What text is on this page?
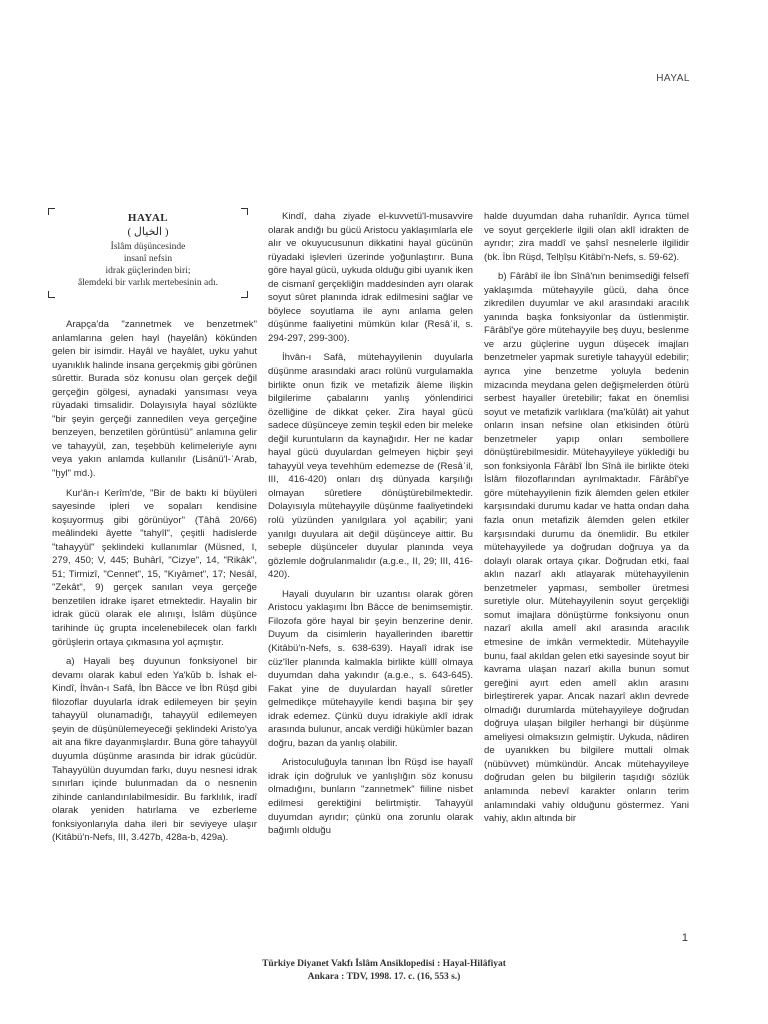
HAYAL
HAYAL
( الخيال )
İslâm düşüncesinde
insanî nefsin
idrak güçlerinden biri;
âlemdeki bir varlık mertebesinin adı.

Arapça'da "zannetmek ve benzetmek" anlamlarına gelen hayl (hayelân) kökünden gelen bir isimdir. Hayâl ve hayâlet, uyku yahut uyanıklık halinde insana gerçekmiş gibi görünen sûrettir. Burada söz konusu olan gerçek değil gerçeğin gölgesi, aynadaki yansıması veya rüyadaki timsalidir. Dolayısıyla hayal sözlükte "bir şeyin gerçeği zannedilen veya gerçeğine benzeyen, benzetilen görüntüsü" anlamına gelir ve tahayyül, zan, teşebbüh kelimeleriyle aynı veya yakın anlamda kullanılır (Lisânü'l-ʿArab, "ḫyl" md.).

Kur'ân-ı Kerîm'de, "Bir de baktı ki büyüleri sayesinde ipleri ve sopaları kendisine koşuyormuş gibi görünüyor" (Tâhâ 20/66) meâlindeki âyette "tahyîl", çeşitli hadislerde "tahayyül" şeklindeki kullanımlar (Müsned, I, 279, 450; V, 445; Buhârî, "Cizye", 14, "Rikâk", 51; Tirmizî, "Cennet", 15, "Kıyâmet", 17; Nesâî, "Zekât", 9) gerçek sanılan veya gerçeğe benzetilen idrake işaret etmektedir. Hayalin bir idrak gücü olarak ele alınışı, İslâm düşünce tarihinde üç grupta incelenebilecek olan farklı görüşlerin ortaya çıkmasına yol açmıştır.

a) Hayali beş duyunun fonksiyonel bir devamı olarak kabul eden Ya'kūb b. İshak el-Kindî, İhvân-ı Safâ, İbn Bâcce ve İbn Rüşd gibi filozoflar duyularla idrak edilemeyen bir şeyin tahayyül olunamadığı, tahayyül edilemeyen şeyin de düşünülemeyeceği şeklindeki Aristo'ya ait ana fikre dayanmışlardır. Buna göre tahayyül duyumla düşünme arasında bir idrak gücüdür. Tahayyülün duyumdan farkı, duyu nesnesi idrak sınırları içinde bulunmadan da o nesnenin zihinde canlandırılabilmesidir. Bu farklılık, iradî olarak yeniden hatırlama ve ezberleme fonksiyonlarıyla daha ileri bir seviyeye ulaşır (Kitâbü'n-Nefs, III, 3.427b, 428a-b, 429a).

Kindî, daha ziyade el-kuvvetü'l-musavvire olarak andığı bu gücü Aristocu yaklaşımlarla ele alır ve okuyucusunun dikkatini hayal gücünün rüyadaki işlevleri üzerinde yoğunlaştırır. Buna göre hayal gücü, uykuda olduğu gibi uyanık iken de cismanî gerçekliğin maddesinden ayrı olarak soyut sûret planında idrak edilmesini sağlar ve böylece soyutlama ile aynı anlama gelen düşünme faaliyetini mümkün kılar (Resâʾil, s. 294-297, 299-300).

İhvân-ı Safâ, mütehayyilenin duyularla düşünme arasındaki aracı rolünü vurgulamakla birlikte onun fizik ve metafizik âleme ilişkin bilgilerime çabalarını yanlış yönlendirici özelliğine de dikkat çeker. Zira hayal gücü sadece düşünceye zemin teşkil eden bir meleke değil kuruntuların da kaynağıdır. Her ne kadar hayal gücü duyulardan gelmeyen hiçbir şeyi tahayyül veya tevehhüm edemezse de (Resâʾil, III, 416-420) onları dış dünyada karşılığı olmayan sûretlere dönüştürebilmektedir. Dolayısıyla mütehayyile düşünme faaliyetindeki rolü yüzünden yanılgılara yol açabilir; yani yanılgı duyulara ait değil düşünceye aittir. Bu sebeple düşünceler duyular planında veya gözlemle doğrulanmalıdır (a.g.e., II, 29; III, 416-420).

Hayali duyuların bir uzantısı olarak gören Aristocu yaklaşımı İbn Bâcce de benimsemiştir. Filozofa göre hayal bir şeyin benzerine denir. Duyum da cisimlerin hayallerinden ibarettir (Kitâbü'n-Nefs, s. 638-639). Hayalî idrak ise cüz'îler planında kalmakla birlikte küllî olmaya duyumdan daha yakındır (a.g.e., s. 643-645). Fakat yine de duyulardan hayalî sûretler gelmedikçe mütehayyile kendi başına bir şey idrak edemez. Çünkü duyu idrakiyle aklî idrak arasında bulunur, ancak verdiği hükümler bazan doğru, bazan da yanlış olabilir.

Aristoculuğuyla tanınan İbn Rüşd ise hayalî idrak için doğruluk ve yanlışlığın söz konusu olmadığını, bunların "zannetmek" fiiline nisbet edilmesi gerektiğini belirtmiştir. Tahayyül duyumdan ayrıdır; çünkü ona zorunlu olarak bağımlı olduğu

halde duyumdan daha ruhanîdir. Ayrıca tümel ve soyut gerçeklerle ilgili olan aklî idrakten de ayrıdır; zira maddî ve şahsî nesnelerle ilgilidir (bk. İbn Rüşd, Telḫîṣu Kitâbi'n-Nefs, s. 59-62).

b) Fârâbî ile İbn Sînâ'nın benimsediği felsefî yaklaşımda mütehayyile gücü, daha önce zikredilen duyumlar ve akıl arasındaki aracılık yanında başka fonksiyonlar da üstlenmiştir. Fârâbî'ye göre mütehayyile beş duyu, beslenme ve arzu güçlerine uygun düşecek imajları benzetmeler yapmak suretiyle tahayyül edebilir; ayrıca yine benzetme yoluyla bedenin mizacında meydana gelen değişmelerden ötürü serbest hayaller üretebilir; fakat en önemlisi soyut ve metafizik varlıklara (ma'kūlât) ait yahut onların insan nefsine olan etkisinden ötürü benzetmeler yapıp onları sembollere dönüştürebilmesidir. Mütehayyileye yüklediği bu son fonksiyonla Fârâbî İbn Sînâ ile birlikte öteki İslâm filozoflarından ayrılmaktadır. Fârâbî'ye göre mütehayyilenin fizik âlemden gelen etkiler karşısındaki durumu kadar ve hatta ondan daha fazla onun metafizik âlemden gelen etkiler karşısındaki durumu da önemlidir. Bu etkiler mütehayyilede ya doğrudan doğruya ya da dolaylı olarak ortaya çıkar. Doğrudan etki, faal aklın nazarî aklı atlayarak mütehayyilenin benzetmeler yapması, semboller üretmesi suretiyle olur. Mütehayyilenin soyut gerçekliği somut imajlara dönüştürme fonksiyonu onun nazarî akılla amelî akıl arasında aracılık etmesine de imkân vermektedir. Mütehayyile bunu, faal akıldan gelen etki sayesinde soyut bir kavrama ulaşan nazarî akılla bunun somut gereğini ayırt eden amelî aklın arasını birleştirerek yapar. Ancak nazarî aklın devrede olmadığı durumlarda mütehayyileye doğrudan doğruya ulaşan bilgiler herhangi bir düşünme ameliyesi olmaksızın gelmiştir. Uykuda, nâdiren de uyanıkken bu bilgilere muttali olmak (nübüvvet) mümkündür. Ancak mütehayyileye doğrudan gelen bu bilgilerin taşıdığı sözlük anlamında nebevî karakter onların terim anlamındaki vahiy olduğunu göstermez. Yani vahiy, aklın altında bir

1
Türkiye Diyanet Vakfı İslâm Ansiklopedisi : Hayal-Hilâfiyat
Ankara : TDV, 1998. 17. c. (16, 553 s.)
